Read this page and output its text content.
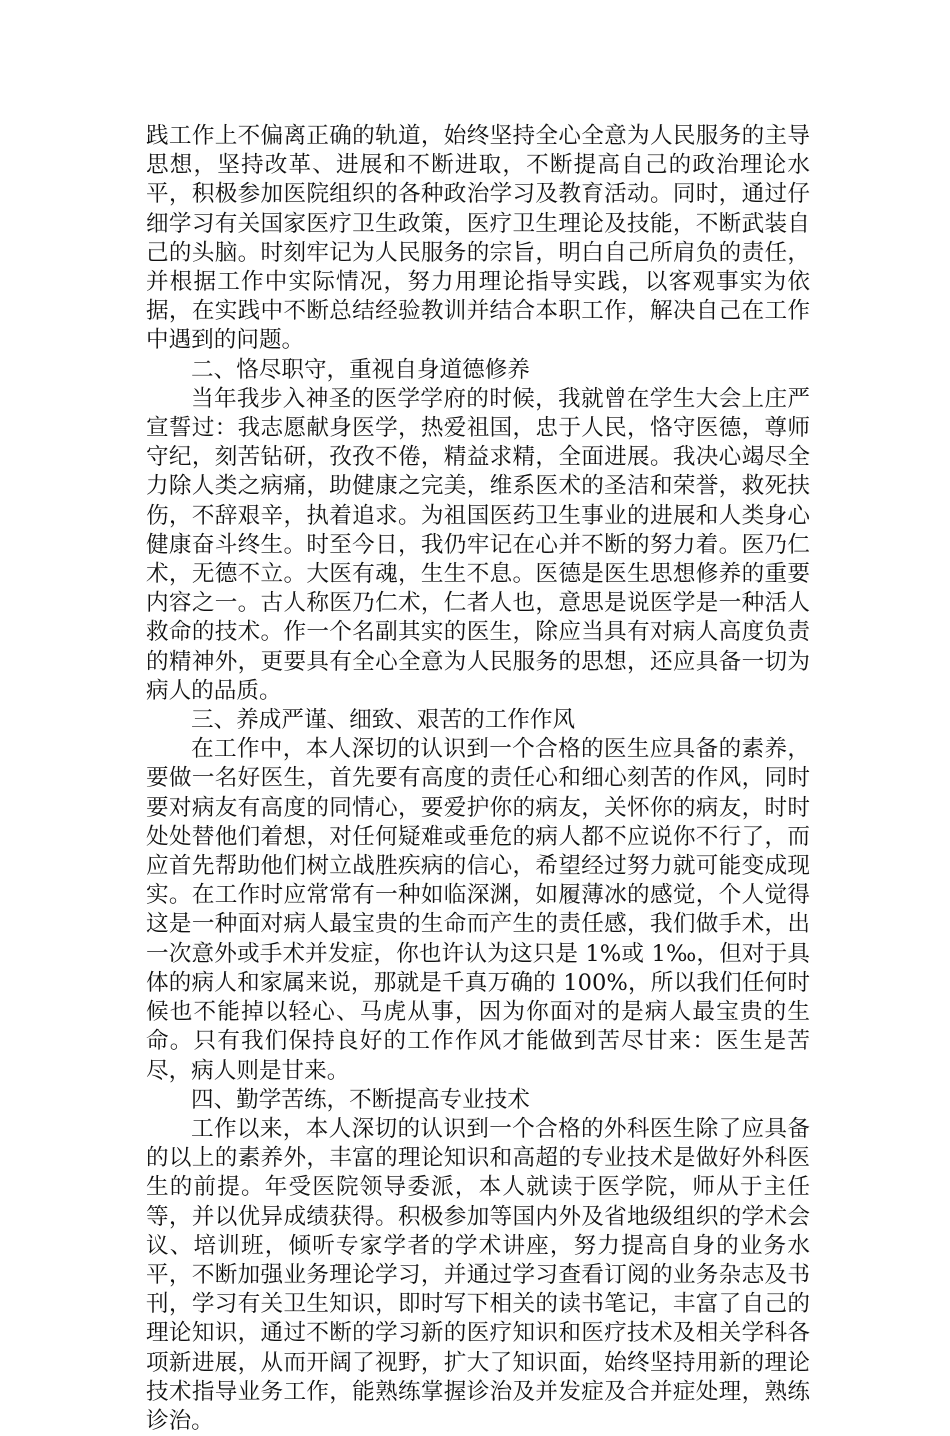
践工作上不偏离正确的轨道，始终坚持全心全意为人民服务的主导思想，坚持改革、进展和不断进取，不断提高自己的政治理论水平，积极参加医院组织的各种政治学习及教育活动。同时，通过仔细学习有关国家医疗卫生政策，医疗卫生理论及技能，不断武装自己的头脑。时刻牢记为人民服务的宗旨，明白自己所肩负的责任，并根据工作中实际情况，努力用理论指导实践，以客观事实为依据，在实践中不断总结经验教训并结合本职工作，解决自己在工作中遇到的问题。

二、恪尽职守，重视自身道德修养

当年我步入神圣的医学学府的时候，我就曾在学生大会上庄严宣誓过：我志愿献身医学，热爱祖国，忠于人民，恪守医德，尊师守纪，刻苦钻研，孜孜不倦，精益求精，全面进展。我决心竭尽全力除人类之病痛，助健康之完美，维系医术的圣洁和荣誉，救死扶伤，不辞艰辛，执着追求。为祖国医药卫生事业的进展和人类身心健康奋斗终生。时至今日，我仍牢记在心并不断的努力着。医乃仁术，无德不立。大医有魂，生生不息。医德是医生思想修养的重要内容之一。古人称医乃仁术，仁者人也，意思是说医学是一种活人救命的技术。作一个名副其实的医生，除应当具有对病人高度负责的精神外，更要具有全心全意为人民服务的思想，还应具备一切为病人的品质。

三、养成严谨、细致、艰苦的工作作风

在工作中，本人深切的认识到一个合格的医生应具备的素养，要做一名好医生，首先要有高度的责任心和细心刻苦的作风，同时要对病友有高度的同情心，要爱护你的病友，关怀你的病友，时时处处替他们着想，对任何疑难或垂危的病人都不应说你不行了，而应首先帮助他们树立战胜疾病的信心，希望经过努力就可能变成现实。在工作时应常常有一种如临深渊，如履薄冰的感觉，个人觉得这是一种面对病人最宝贵的生命而产生的责任感，我们做手术，出一次意外或手术并发症，你也许认为这只是 1%或 1‰，但对于具体的病人和家属来说，那就是千真万确的 100%，所以我们任何时候也不能掉以轻心、马虎从事，因为你面对的是病人最宝贵的生命。只有我们保持良好的工作作风才能做到苦尽甘来：医生是苦尽，病人则是甘来。

四、勤学苦练，不断提高专业技术

工作以来，本人深切的认识到一个合格的外科医生除了应具备的以上的素养外，丰富的理论知识和高超的专业技术是做好外科医生的前提。年受医院领导委派，本人就读于医学院，师从于主任等，并以优异成绩获得。积极参加等国内外及省地级组织的学术会议、培训班，倾听专家学者的学术讲座，努力提高自身的业务水平，不断加强业务理论学习，并通过学习查看订阅的业务杂志及书刊，学习有关卫生知识，即时写下相关的读书笔记，丰富了自己的理论知识，通过不断的学习新的医疗知识和医疗技术及相关学科各项新进展，从而开阔了视野，扩大了知识面，始终坚持用新的理论技术指导业务工作，能熟练掌握诊治及并发症及合并症处理，熟练诊治。
